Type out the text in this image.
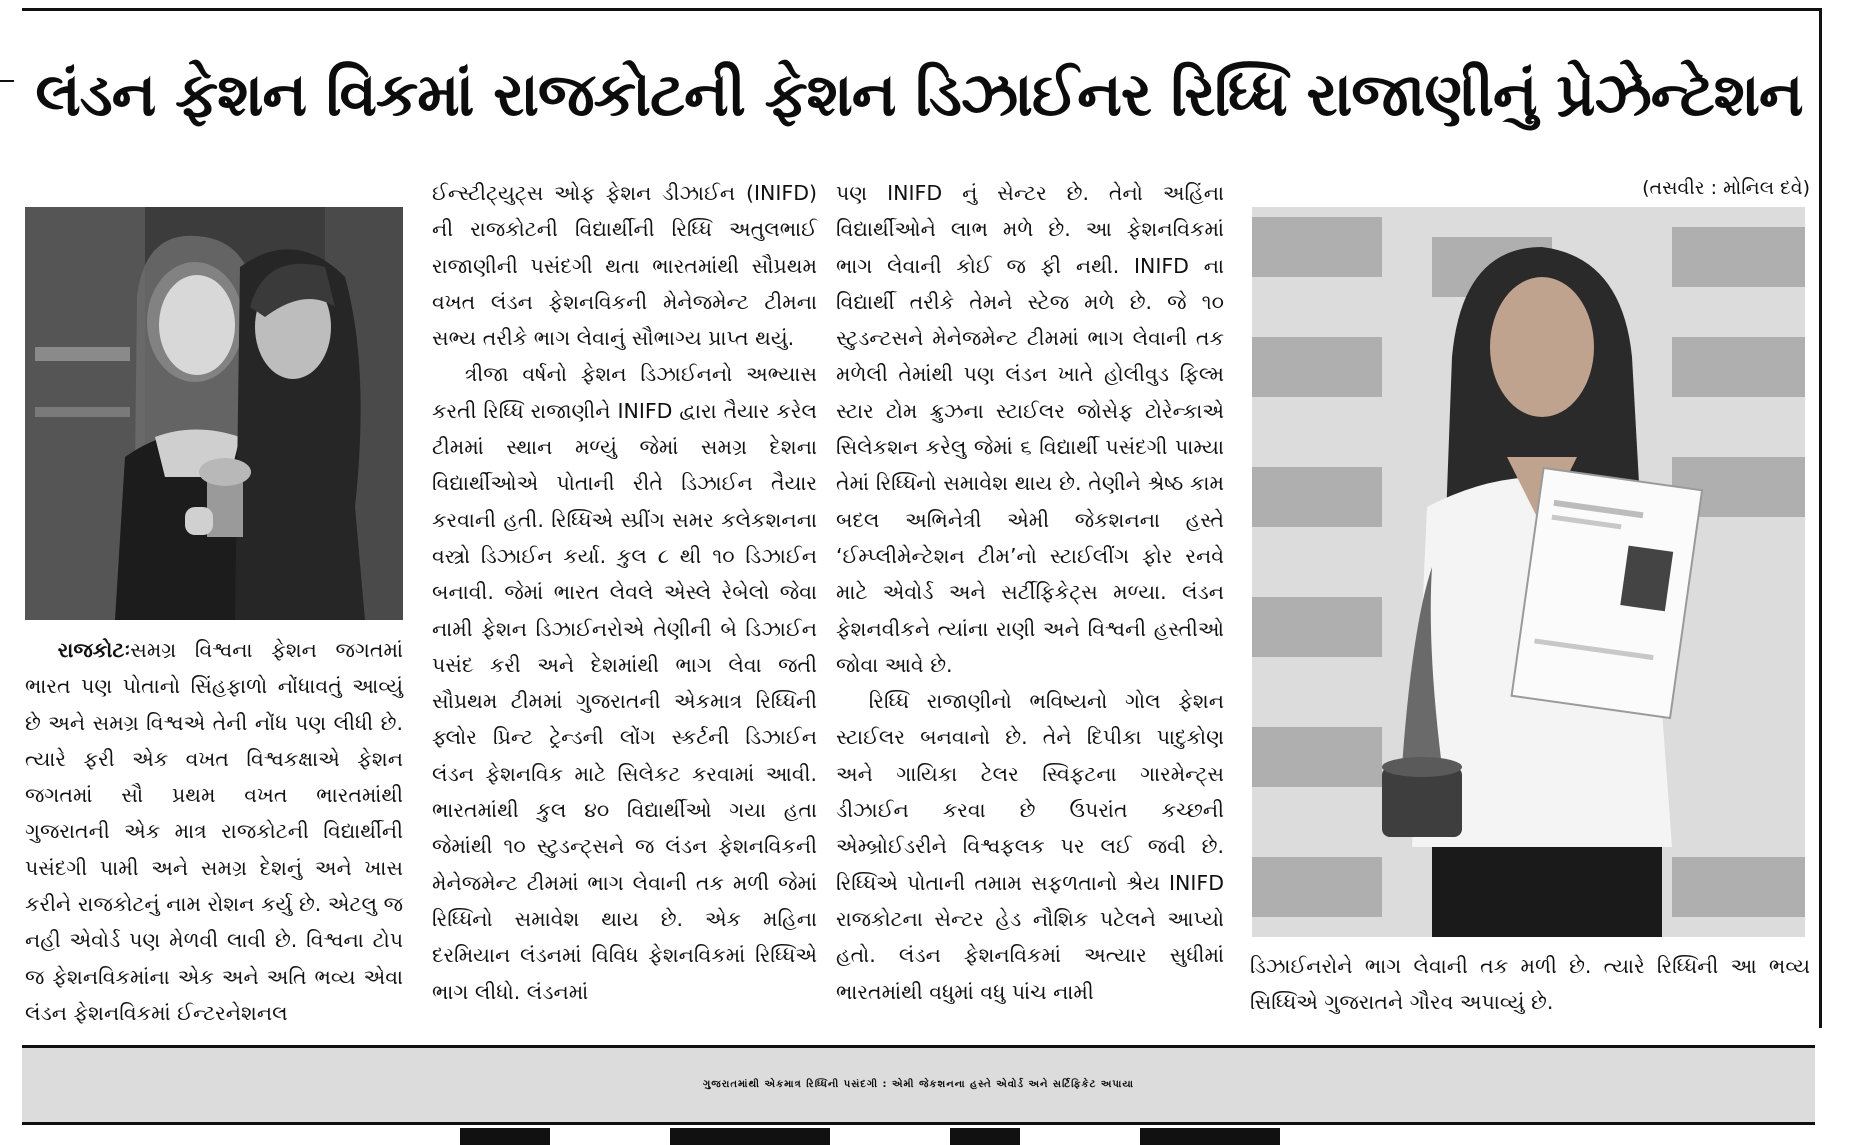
લંડન ફેશન વિકમાં રાજકોટની ફેશન ડિઝાઈનર રિધ્ધિ રાજાણીનું પ્રેઝેન્ટેશન
(તસવીર : મોનિલ દવે)

રાજકોટઃસમગ્ર વિશ્વના ફેશન જગતમાં ભારત પણ પોતાનો સિંહફાળો નોંધાવતું આવ્યું છે અને સમગ્ર વિશ્વએ તેની નોંધ પણ લીધી છે. ત્યારે ફરી એક વખત વિશ્વકક્ષાએ ફેશન જગતમાં સૌ પ્રથમ વખત ભારતમાંથી ગુજરાતની એક માત્ર રાજકોટની વિદ્યાર્થીની પસંદગી પામી અને સમગ્ર દેશનું અને ખાસ કરીને રાજકોટનું નામ રોશન કર્યુ છે. એટલુ જ નહી એવોર્ડ પણ મેળવી લાવી છે. વિશ્વના ટોપ જ ફેશનવિકમાંના એક અને અતિ ભવ્ય એવા લંડન ફેશનવિકમાં ઈન્ટરનેશનલ

ઈન્સ્ટીટ્યુટ્સ ઓફ ફેશન ડીઝાઈન (INIFD) ની રાજકોટની વિદ્યાર્થીની રિધ્ધિ અતુલભાઈ રાજાણીની પસંદગી થતા ભારતમાંથી સૌપ્રથમ વખત લંડન ફેશનવિકની મેનેજમેન્ટ ટીમના સભ્ય તરીકે ભાગ લેવાનું સૌભાગ્ય પ્રાપ્ત થયું.

ત્રીજા વર્ષનો ફેશન ડિઝાઈનનો અભ્યાસ કરતી રિધ્ધિ રાજાણીને INIFD દ્વારા તૈયાર કરેલ ટીમમાં સ્થાન મળ્યું જેમાં સમગ્ર દેશના વિદ્યાર્થીઓએ પોતાની રીતે ડિઝાઈન તૈયાર કરવાની હતી. રિધ્ધિએ સ્પ્રીંગ સમર કલેકશનના વસ્ત્રો ડિઝાઈન કર્યા. કુલ ૮ થી ૧૦ ડિઝાઈન બનાવી. જેમાં ભારત લેવલે એસ્લે રેબેલો જેવા નામી ફેશન ડિઝાઈનરોએ તેણીની બે ડિઝાઈન પસંદ કરી અને દેશમાંથી ભાગ લેવા જતી સૌપ્રથમ ટીમમાં ગુજરાતની એકમાત્ર રિધ્ધિની ફ્લોર પ્રિન્ટ ટ્રેન્ડની લોંગ સ્કર્ટની ડિઝાઈન લંડન ફેશનવિક માટે સિલેકટ કરવામાં આવી. ભારતમાંથી કુલ ૪૦ વિદ્યાર્થીઓ ગયા હતા જેમાંથી ૧૦ સ્ટુડન્ટ્સને જ લંડન ફેશનવિકની મેનેજમેન્ટ ટીમમાં ભાગ લેવાની તક મળી જેમાં રિધ્ધિનો સમાવેશ થાય છે. એક મહિના દરમિયાન લંડનમાં વિવિધ ફેશનવિકમાં રિધ્ધિએ ભાગ લીધો. લંડનમાં

પણ INIFD નું સેન્ટર છે. તેનો અહિંના વિદ્યાર્થીઓને લાભ મળે છે. આ ફેશનવિકમાં ભાગ લેવાની કોઈ જ ફી નથી. INIFD ના વિદ્યાર્થી તરીકે તેમને સ્ટેજ મળે છે. જે ૧૦ સ્ટુડન્ટસને મેનેજમેન્ટ ટીમમાં ભાગ લેવાની તક મળેલી તેમાંથી પણ લંડન ખાતે હોલીવુડ ફિલ્મ સ્ટાર ટોમ ક્રુઝના સ્ટાઈલર જોસેફ ટોરેન્કાએ સિલેકશન કરેલુ જેમાં ૬ વિદ્યાર્થી પસંદગી પામ્યા તેમાં રિધ્ધિનો સમાવેશ થાય છે. તેણીને શ્રેષ્ઠ કામ બદલ અભિનેત્રી એમી જેકશનના હસ્તે ‘ઈમ્પ્લીમેન્ટેશન ટીમ’નો સ્ટાઈલીંગ ફોર રનવે માટે એવોર્ડ અને સર્ટીફિકેટ્સ મળ્યા. લંડન ફેશનવીકને ત્યાંના રાણી અને વિશ્વની હસ્તીઓ જોવા આવે છે.

રિધ્ધિ રાજાણીનો ભવિષ્યનો ગોલ ફેશન સ્ટાઈલર બનવાનો છે. તેને દિપીકા પાદુકોણ અને ગાયિકા ટેલર સ્વિફટના ગારમેન્ટ્સ ડીઝાઈન કરવા છે ઉપરાંત કચ્છની એમ્બ્રોઈડરીને વિશ્વફલક પર લઈ જવી છે. રિધ્ધિએ પોતાની તમામ સફળતાનો શ્રેય INIFD રાજકોટના સેન્ટર હેડ નૌશિક પટેલને આપ્યો હતો. લંડન ફેશનવિકમાં અત્યાર સુધીમાં ભારતમાંથી વધુમાં વધુ પાંચ નામી

ડિઝાઈનરોને ભાગ લેવાની તક મળી છે. ત્યારે રિધ્ધિની આ ભવ્ય સિધ્ધિએ ગુજરાતને ગૌરવ અપાવ્યું છે.

ગુજરાતમાંથી એકમાત્ર રિધ્ધિની પસંદગી : એમી જેકશનના હસ્તે એવોર્ડ અને સર્ટિફિકેટ અપાયા
